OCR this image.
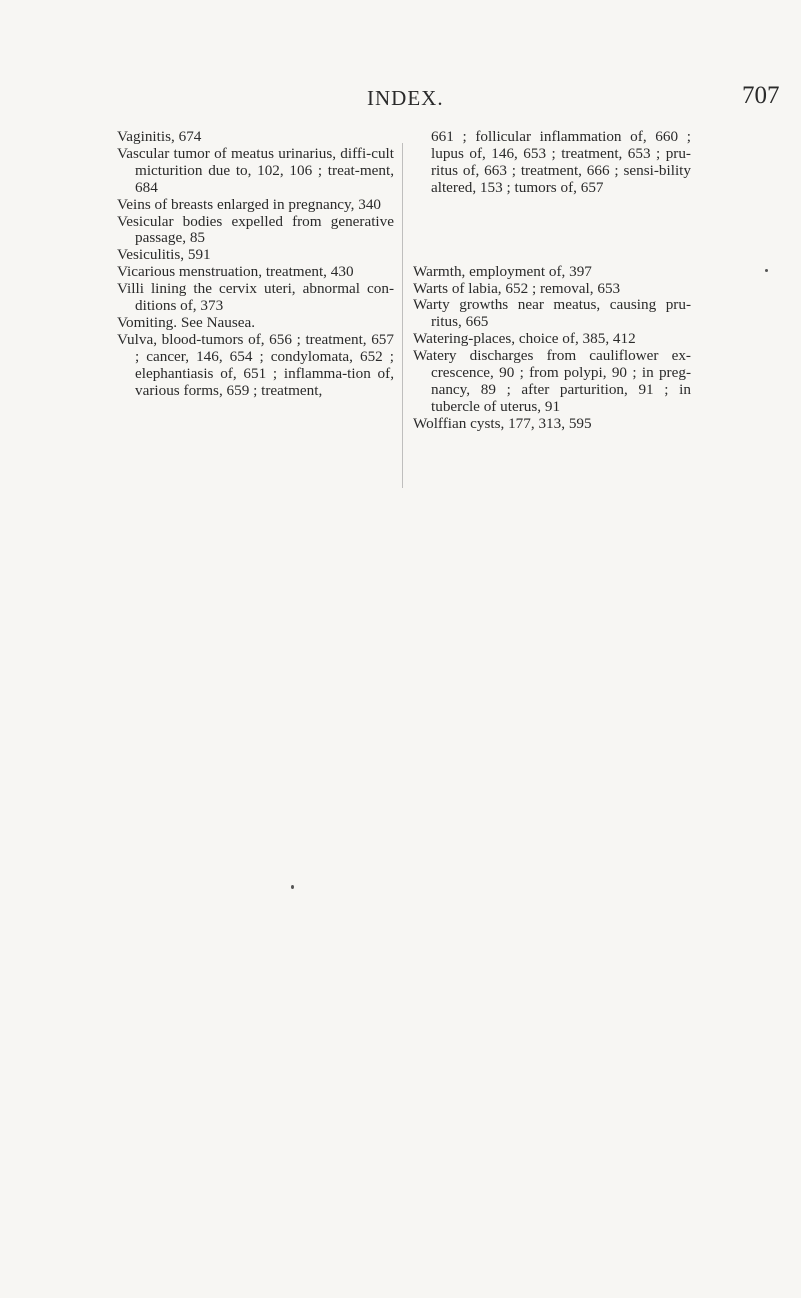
INDEX.	707

Vaginitis, 674

Vascular tumor of meatus urinarius, diffi-cult micturition due to, 102, 106 ; treat-ment, 684

Veins of breasts enlarged in pregnancy, 340

Vesicular bodies expelled from generative passage, 85

Vesiculitis, 591

Vicarious menstruation, treatment, 430

Villi lining the cervix uteri, abnormal con-ditions of, 373

Vomiting. See Nausea.

Vulva, blood-tumors of, 656 ; treatment, 657 ; cancer, 146, 654 ; condylomata, 652 ; elephantiasis of, 651 ; inflamma-tion of, various forms, 659 ; treatment,

661 ; follicular inflammation of, 660 ; lupus of, 146, 653 ; treatment, 653 ; pru-ritus of, 663 ; treatment, 666 ; sensi-bility altered, 153 ; tumors of, 657

Warmth, employment of, 397

Warts of labia, 652 ; removal, 653

Warty growths near meatus, causing pru-ritus, 665

Watering-places, choice of, 385, 412

Watery discharges from cauliflower ex-crescence, 90 ; from polypi, 90 ; in preg-nancy, 89 ; after parturition, 91 ; in tubercle of uterus, 91

Wolffian cysts, 177, 313, 595
